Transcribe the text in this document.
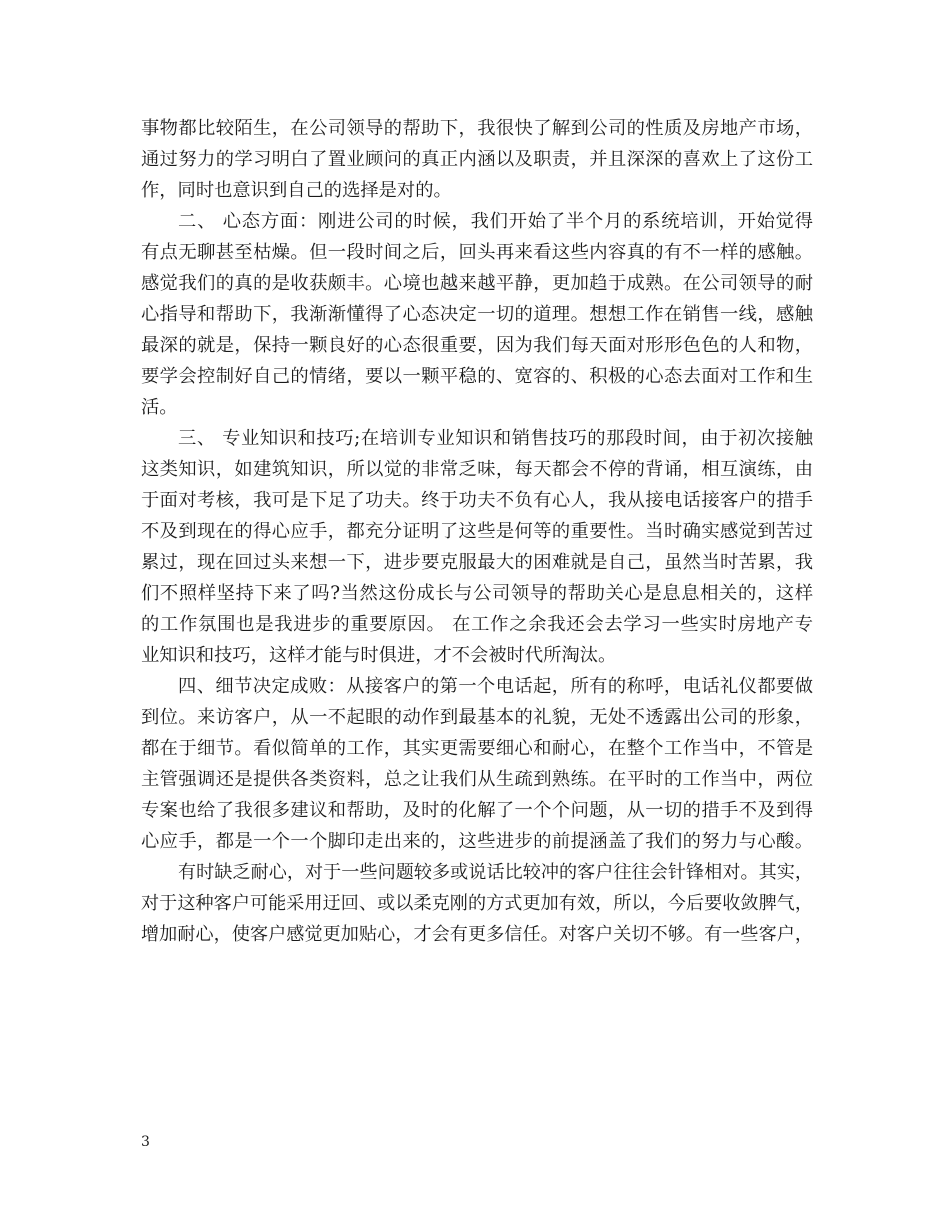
事物都比较陌生，在公司领导的帮助下，我很快了解到公司的性质及房地产市场，
通过努力的学习明白了置业顾问的真正内涵以及职责，并且深深的喜欢上了这份工
作，同时也意识到自己的选择是对的。
二、 心态方面：刚进公司的时候，我们开始了半个月的系统培训，开始觉得
有点无聊甚至枯燥。但一段时间之后，回头再来看这些内容真的有不一样的感触。
感觉我们的真的是收获颇丰。心境也越来越平静，更加趋于成熟。在公司领导的耐
心指导和帮助下，我渐渐懂得了心态决定一切的道理。想想工作在销售一线，感触
最深的就是，保持一颗良好的心态很重要，因为我们每天面对形形色色的人和物，
要学会控制好自己的情绪，要以一颗平稳的、宽容的、积极的心态去面对工作和生
活。
三、 专业知识和技巧;在培训专业知识和销售技巧的那段时间，由于初次接触
这类知识，如建筑知识，所以觉的非常乏味，每天都会不停的背诵，相互演练，由
于面对考核，我可是下足了功夫。终于功夫不负有心人，我从接电话接客户的措手
不及到现在的得心应手，都充分证明了这些是何等的重要性。当时确实感觉到苦过
累过，现在回过头来想一下，进步要克服最大的困难就是自己，虽然当时苦累，我
们不照样坚持下来了吗?当然这份成长与公司领导的帮助关心是息息相关的，这样
的工作氛围也是我进步的重要原因。 在工作之余我还会去学习一些实时房地产专
业知识和技巧，这样才能与时俱进，才不会被时代所淘汰。
四、细节决定成败：从接客户的第一个电话起，所有的称呼，电话礼仪都要做
到位。来访客户，从一不起眼的动作到最基本的礼貌，无处不透露出公司的形象，
都在于细节。看似简单的工作，其实更需要细心和耐心，在整个工作当中，不管是
主管强调还是提供各类资料，总之让我们从生疏到熟练。在平时的工作当中，两位
专案也给了我很多建议和帮助，及时的化解了一个个问题，从一切的措手不及到得
心应手，都是一个一个脚印走出来的，这些进步的前提涵盖了我们的努力与心酸。
有时缺乏耐心，对于一些问题较多或说话比较冲的客户往往会针锋相对。其实，
对于这种客户可能采用迂回、或以柔克刚的方式更加有效，所以，今后要收敛脾气，
增加耐心，使客户感觉更加贴心，才会有更多信任。对客户关切不够。有一些客户，
3
